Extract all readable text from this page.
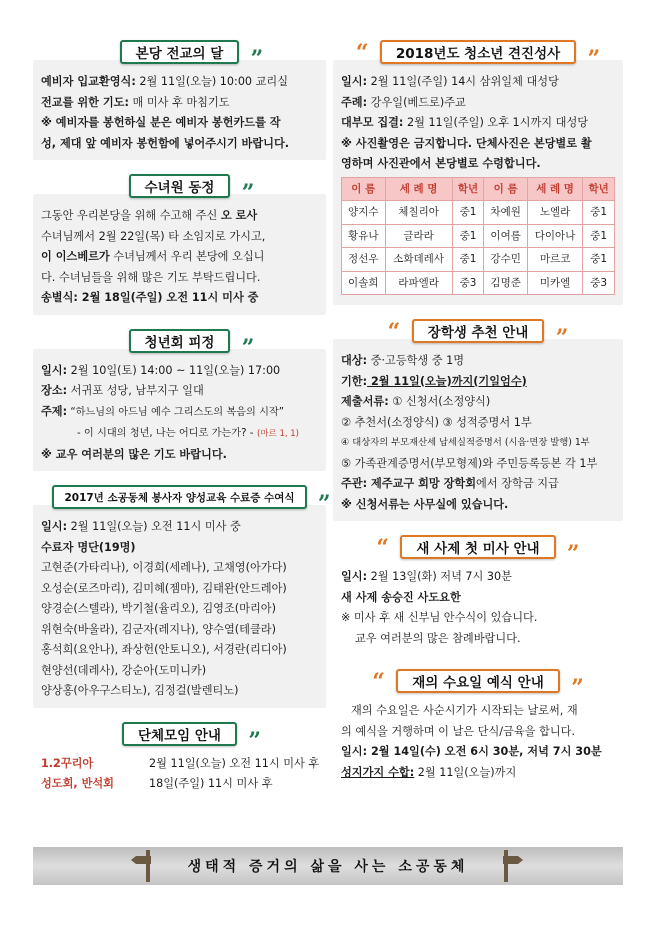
본당 전교의 달 ”

예비자 입교환영식: 2월 11일(오늘) 10:00 교리실

전교를 위한 기도: 매 미사 후 마침기도

※ 예비자를 봉헌하실 분은 예비자 봉헌카드를 작

성, 제대 앞 예비자 봉헌함에 넣어주시기 바랍니다.

수녀원 동정 ”

그동안 우리본당을 위해 수고해 주신 오 로사

수녀님께서 2월 22일(목) 타 소임지로 가시고,

이 이스베르가 수녀님께서 우리 본당에 오십니

다. 수녀님들을 위해 많은 기도 부탁드립니다.

송별식: 2월 18일(주일) 오전 11시 미사 중

청년회 피정 ”

일시: 2월 10일(토) 14:00 ~ 11일(오늘) 17:00

장소: 서귀포 성당, 남부지구 일대

주제: “하느님의 아드님 예수 그리스도의 복음의 시작”

- 이 시대의 청년, 나는 어디로 가는가? - (마르 1, 1)

※ 교우 여러분의 많은 기도 바랍니다.

2017년 소공동체 봉사자 양성교육 수료증 수여식 ”

일시: 2월 11일(오늘) 오전 11시 미사 중

수료자 명단(19명)

고현준(가타리나), 이경희(세레나), 고채영(아가다)

오성순(로즈마리), 김미혜(젬마), 김태완(안드레아)

양경순(스텔라), 박기철(율리오), 김영조(마리아)

위현숙(바울라), 김군자(레지나), 양수열(테클라)

홍석희(요안나), 좌상헌(안토니오), 서경란(리디아)

현양선(데레사), 강순아(도미니카)

양상홍(아우구스티노), 김정걸(발렌티노)

단체모임 안내 ”

1.2꾸리아	2월 11일(오늘) 오전 11시 미사 후

성도회, 반석회	18일(주일) 11시 미사 후

“ 2018년도 청소년 견진성사 ”

일시: 2월 11일(주일) 14시 삼위일체 대성당

주례: 강우일(베드로)주교

대부모 집결: 2월 11일(주일) 오후 1시까지 대성당

※ 사진촬영은 금지합니다. 단체사진은 본당별로 촬

영하며 사진관에서 본당별로 수령합니다.

이 름	세 례 명	학년	이 름	세 례 명	학년
양지수	체칠리아	중1	차예원	노엘라	중1
황유나	글라라	중1	이여름	다이아나	중1
정선우	소화데레사	중1	강수민	마르코	중1
이솔희	라파엘라	중3	김명준	미카엘	중3
“ 장학생 추천 안내 ”

대상: 중·고등학생 중 1명

기한: 2월 11일(오늘)까지(기일엄수)

제출서류: ① 신청서(소정양식)

② 추천서(소정양식) ③ 성적증명서 1부

④ 대상자의 부모재산세 납세실적증명서 (시읍·면장 발행) 1부

⑤ 가족관계증명서(부모형제)와 주민등록등본 각 1부

주관: 제주교구 희망 장학회에서 장학금 지급

※ 신청서류는 사무실에 있습니다.

“ 새 사제 첫 미사 안내 ”

일시: 2월 13일(화) 저녁 7시 30분

새 사제 송승진 사도요한

※ 미사 후 새 신부님 안수식이 있습니다.

교우 여러분의 많은 참례바랍니다.

“ 재의 수요일 예식 안내 ”

재의 수요일은 사순시기가 시작되는 날로써, 재

의 예식을 거행하며 이 날은 단식/금육을 합니다.

일시: 2월 14일(수) 오전 6시 30분, 저녁 7시 30분

성지가지 수합: 2월 11일(오늘)까지

생태적 증거의 삶을 사는 소공동체
